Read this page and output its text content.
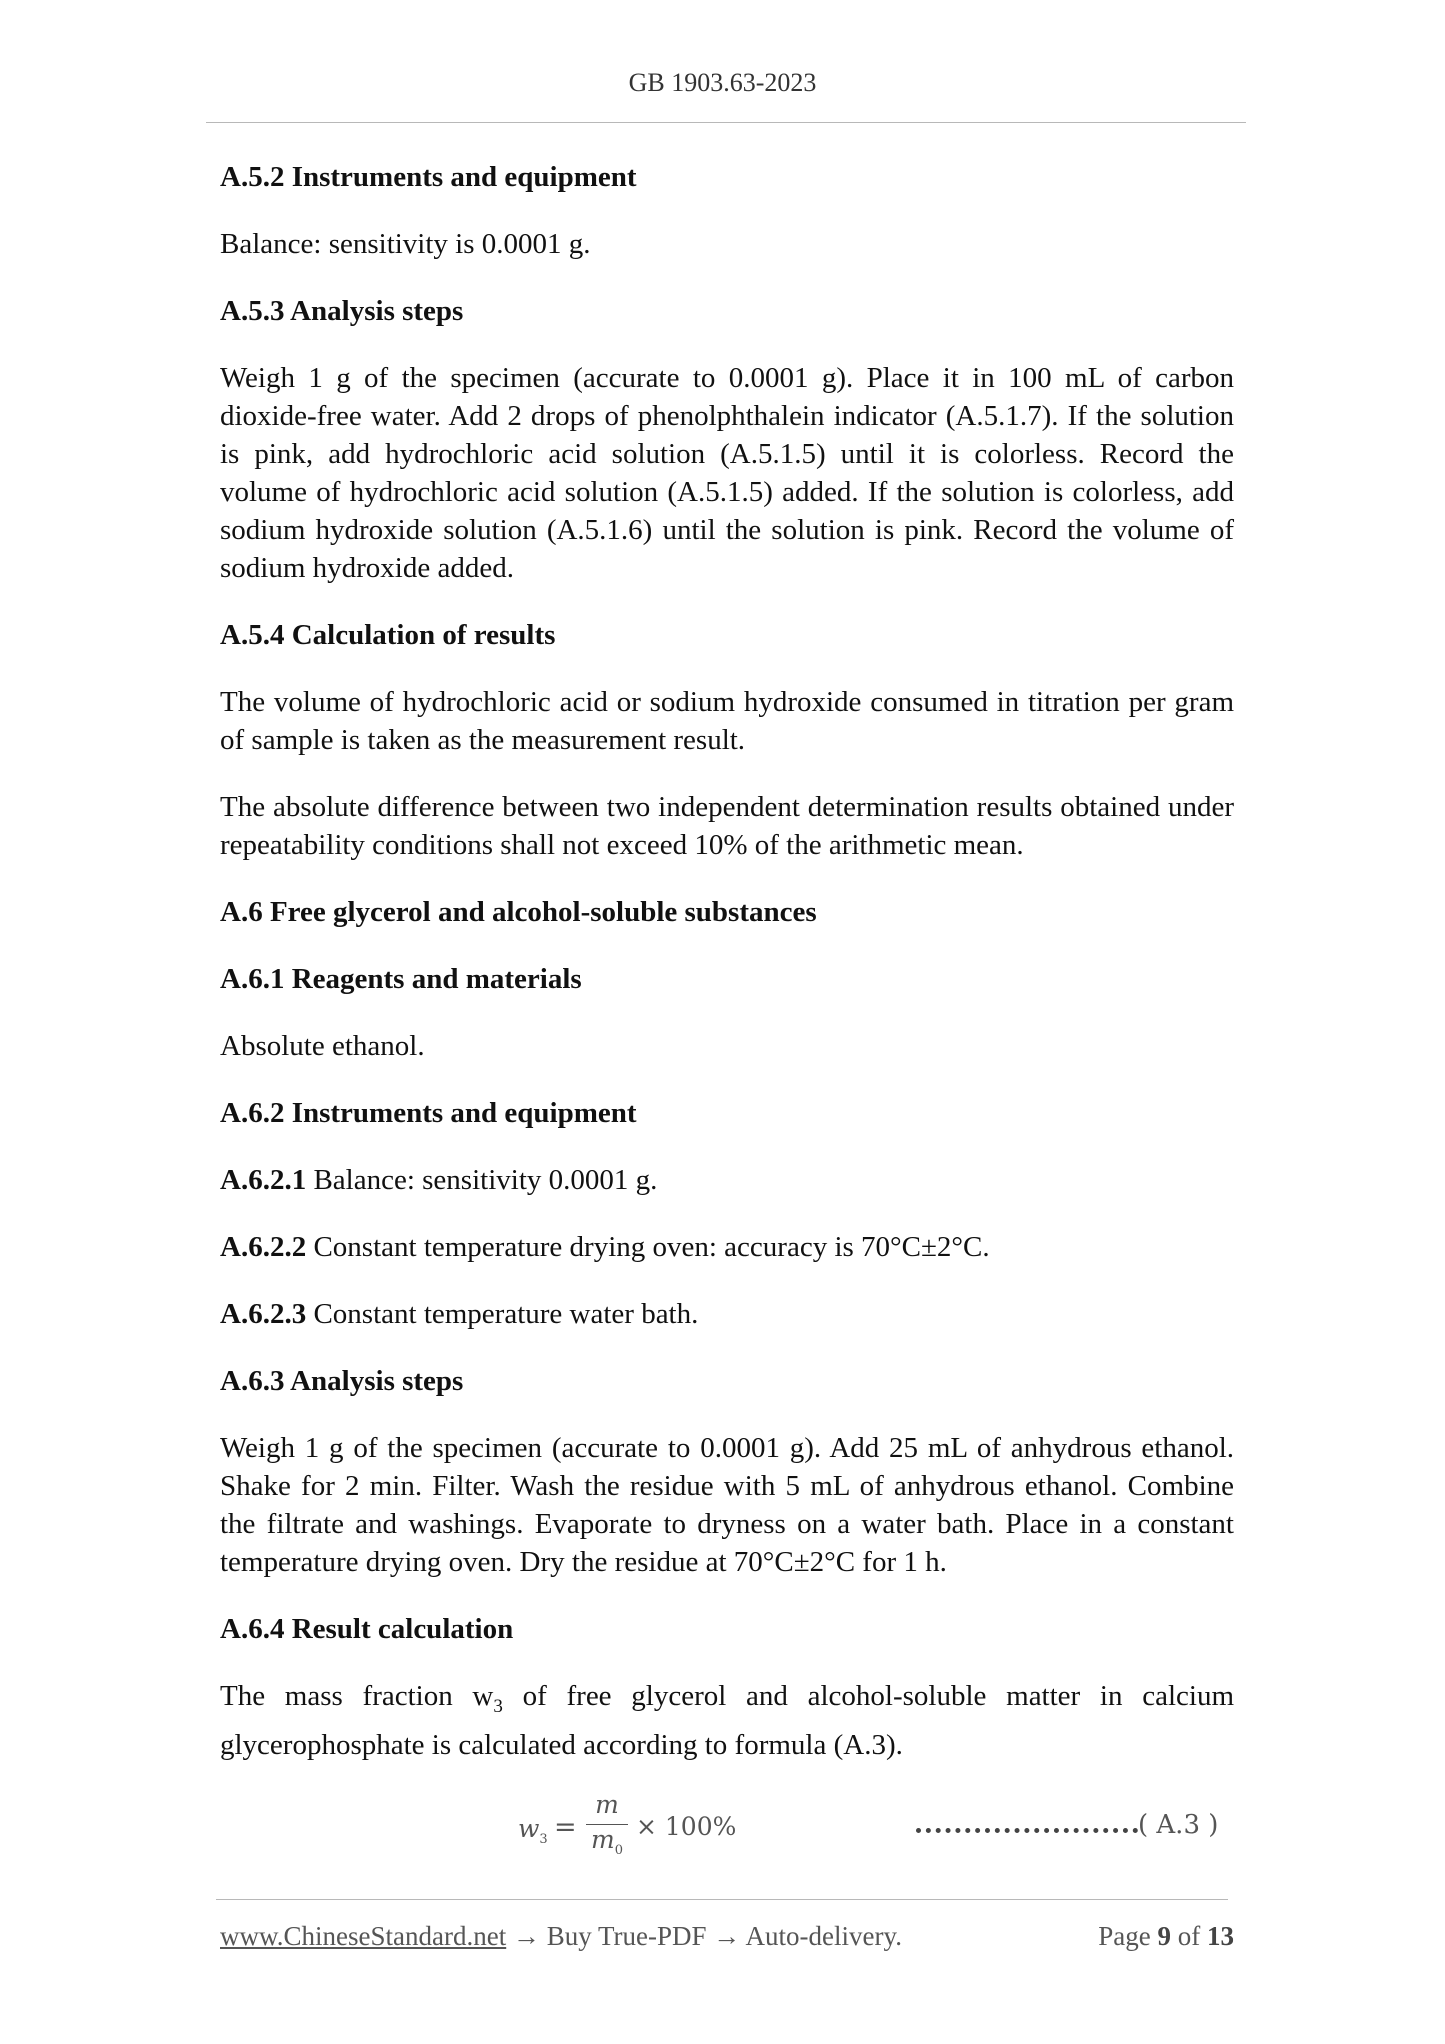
GB 1903.63-2023

A.5.2 Instruments and equipment

Balance: sensitivity is 0.0001 g.

A.5.3 Analysis steps

Weigh 1 g of the specimen (accurate to 0.0001 g). Place it in 100 mL of carbon dioxide-free water. Add 2 drops of phenolphthalein indicator (A.5.1.7). If the solution is pink, add hydrochloric acid solution (A.5.1.5) until it is colorless. Record the volume of hydrochloric acid solution (A.5.1.5) added. If the solution is colorless, add sodium hydroxide solution (A.5.1.6) until the solution is pink. Record the volume of sodium hydroxide added.

A.5.4 Calculation of results

The volume of hydrochloric acid or sodium hydroxide consumed in titration per gram of sample is taken as the measurement result.

The absolute difference between two independent determination results obtained under repeatability conditions shall not exceed 10% of the arithmetic mean.

A.6 Free glycerol and alcohol-soluble substances

A.6.1 Reagents and materials

Absolute ethanol.

A.6.2 Instruments and equipment

A.6.2.1 Balance: sensitivity 0.0001 g.

A.6.2.2 Constant temperature drying oven: accuracy is 70°C±2°C.

A.6.2.3 Constant temperature water bath.

A.6.3 Analysis steps

Weigh 1 g of the specimen (accurate to 0.0001 g). Add 25 mL of anhydrous ethanol. Shake for 2 min. Filter. Wash the residue with 5 mL of anhydrous ethanol. Combine the filtrate and washings. Evaporate to dryness on a water bath. Place in a constant temperature drying oven. Dry the residue at 70°C±2°C for 1 h.

A.6.4 Result calculation

The mass fraction $w_3$ of free glycerol and alcohol-soluble matter in calcium glycerophosphate is calculated according to formula (A.3).

$w_3$ =
m
$m_0$
× 100%	( A.3 )
www.ChineseStandard.net → Buy True-PDF → Auto-delivery.	Page 9 of 13
